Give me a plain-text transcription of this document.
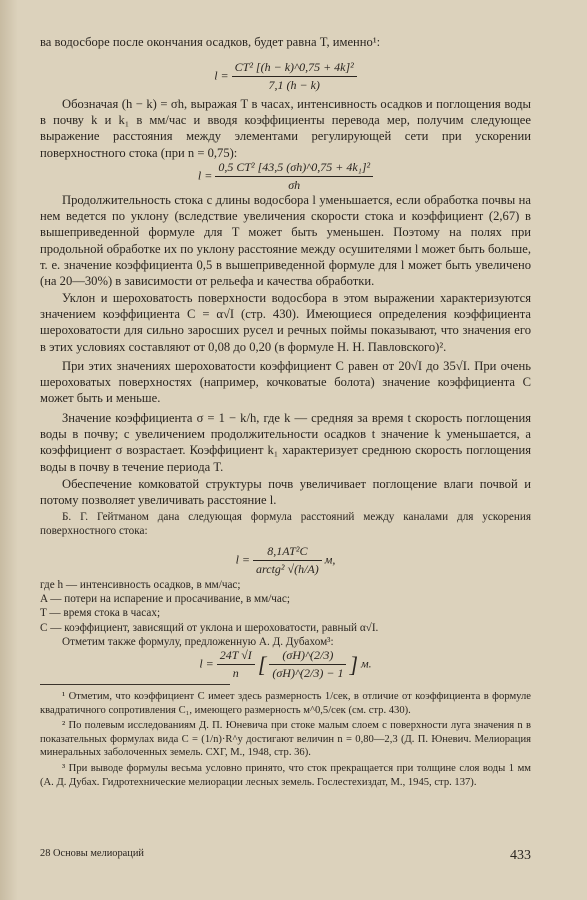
ва водосборе после окончания осадков, будет равна T, именно¹:

$l = \frac{\text{CT² [(h − k)\textasciicircum{}0,75 + 4k]²}}{7,1 (h - k)}$

Обозначая (h − k) = σh, выражая T в часах, интенсивность осадков и поглощения воды в почву k и k₁ в мм/час и вводя коэффициенты перевода мер, получим следующее выражение расстояния между элементами регулирующей сети при ускорении поверхностного стока (при n = 0,75):

$l = \frac{\text{0,5 CT² [43,5 (σh)\textasciicircum{}0,75 + 4k₁]²}}{\sigma h}$

Продолжительность стока с длины водосбора l уменьшается, если обработка почвы на нем ведется по уклону (вследствие увеличения скорости стока и коэффициент (2,67) в вышеприведенной формуле для T может быть уменьшен. Поэтому на полях при продольной обработке их по уклону расстояние между осушителями l может быть больше, т. е. значение коэффициента 0,5 в вышеприведенной формуле для l может быть увеличено (на 20—30%) в зависимости от рельефа и качества обработки.

Уклон и шероховатость поверхности водосбора в этом выражении характеризуются значением коэффициента C = α√I (стр. 430). Имеющиеся определения коэффициента шероховатости для сильно заросших русел и речных поймы показывают, что значения его в этих условиях составляют от 0,08 до 0,20 (в формуле Н. Н. Павловского)².

При этих значениях шероховатости коэффициент C равен от 20√I до 35√I. При очень шероховатых поверхностях (например, кочковатые болота) значение коэффициента C может быть и меньше.

Значение коэффициента σ = 1 − k/h, где k — средняя за время t скорость поглощения воды в почву; с увеличением продолжительности осадков t значение k уменьшается, а коэффициент σ возрастает. Коэффициент k₁ характеризует среднюю скорость поглощения воды в почву в течение периода T.

Обеспечение комковатой структуры почв увеличивает поглощение влаги почвой и потому позволяет увеличивать расстояние l.

Б. Г. Гейтманом дана следующая формула расстояний между каналами для ускорения поверхностного стока:

$l = \frac{\text{8,1AT²C}}{\text{arctg² √(h/A)}} м$,

где h — интенсивность осадков, в мм/час;

A — потери на испарение и просачивание, в мм/час;

T — время стока в часах;

C — коэффициент, зависящий от уклона и шероховатости, равный α√I.

Отметим также формулу, предложенную А. Д. Дубахом³:

$l = \frac{24T √I}{n}$ [ $\frac{(\sigma H)\^{}(2/3)}{(\sigma H)\^{}(2/3) - 1}$ ] м.

¹ Отметим, что коэффициент C имеет здесь размерность 1/сек, в отличие от коэффициента в формуле квадратичного сопротивления C₁, имеющего размерность м^0,5/сек (см. стр. 430).

² По полевым исследованиям Д. П. Юневича при стоке малым слоем с поверхности луга значения n в показательных формулах вида C = (1/n)·R^y достигают величин n = 0,80—2,3 (Д. П. Юневич. Мелиорация минеральных заболоченных земель. СХГ, М., 1948, стр. 36).

³ При выводе формулы весьма условно принято, что сток прекращается при толщине слоя воды 1 мм (А. Д. Дубах. Гидротехнические мелиорации лесных земель. Гослестехиздат, М., 1945, стр. 137).

28 Основы мелиораций	433
